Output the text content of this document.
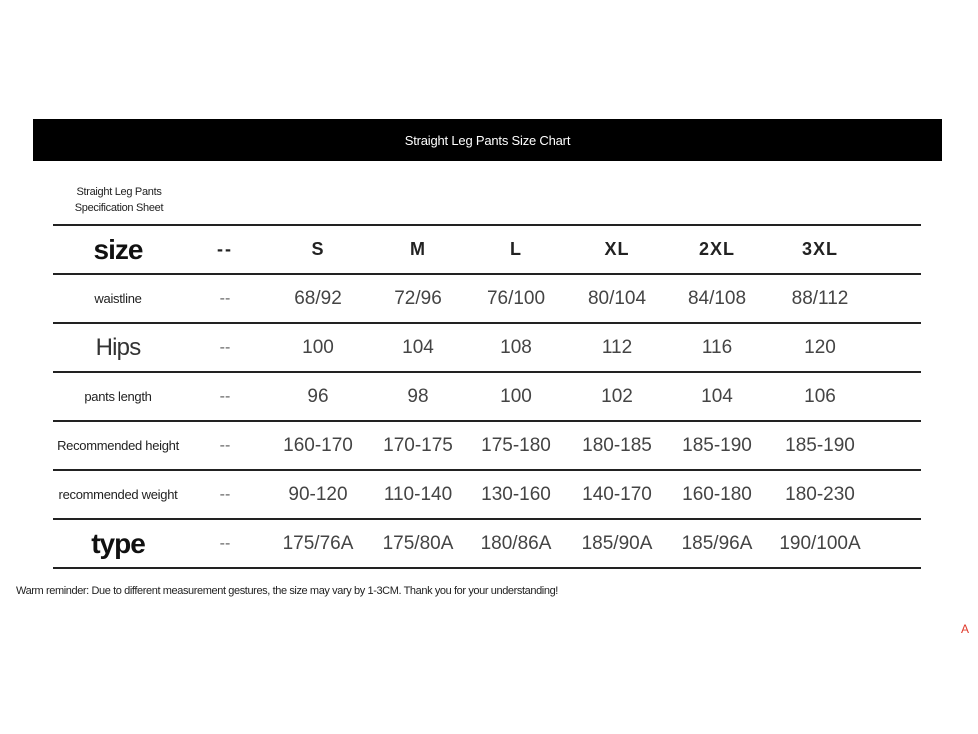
Straight Leg Pants Size Chart
Straight Leg Pants Specification Sheet
size	--	S	M	L	XL	2XL	3XL	
waistline	--	68/92	72/96	76/100	80/104	84/108	88/112	
Hips	--	100	104	108	112	116	120	
pants length	--	96	98	100	102	104	106	
Recommended height	--	160-170	170-175	175-180	180-185	185-190	185-190	
recommended weight	--	90-120	110-140	130-160	140-170	160-180	180-230	
type	--	175/76A	175/80A	180/86A	185/90A	185/96A	190/100A	
Warm reminder: Due to different measurement gestures, the size may vary by 1-3CM. Thank you for your understanding!
A
